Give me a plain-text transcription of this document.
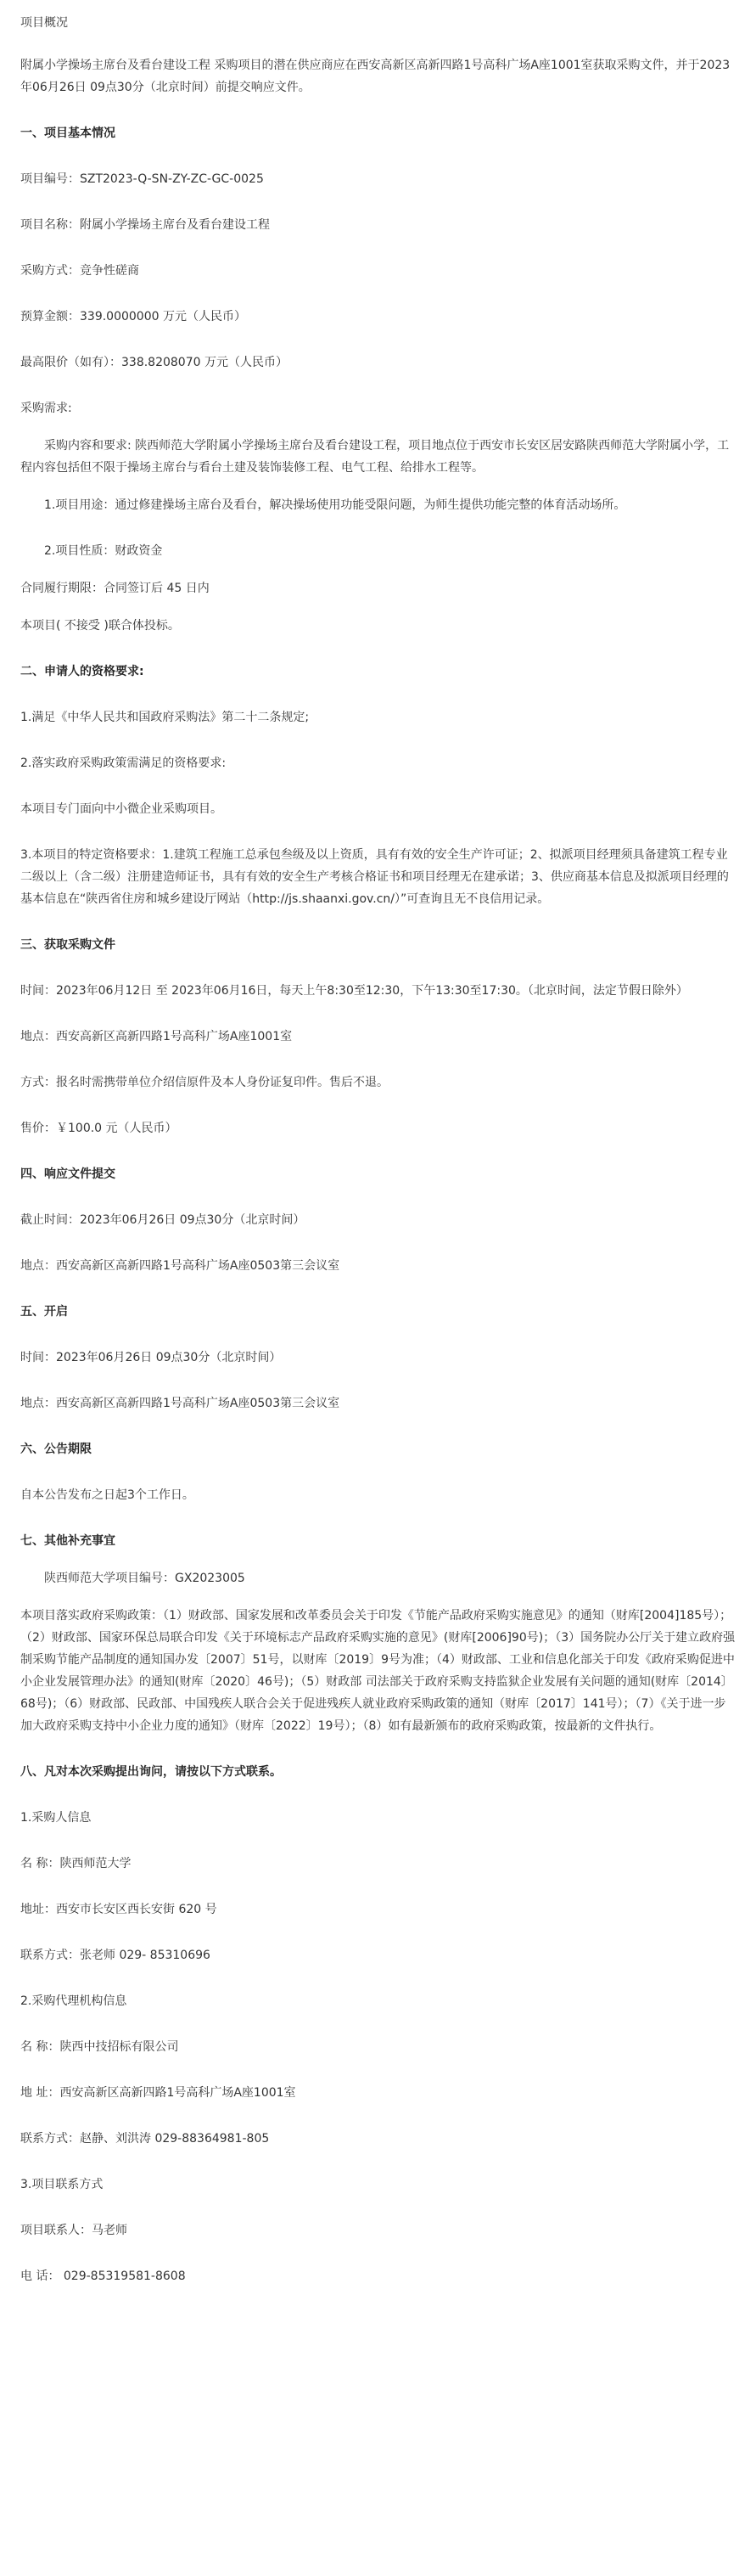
项目概况
附属小学操场主席台及看台建设工程 采购项目的潜在供应商应在西安高新区高新四路1号高科广场A座1001室获取采购文件，并于2023年06月26日 09点30分（北京时间）前提交响应文件。
一、项目基本情况
项目编号：SZT2023-Q-SN-ZY-ZC-GC-0025
项目名称：附属小学操场主席台及看台建设工程
采购方式：竞争性磋商
预算金额：339.0000000 万元（人民币）
最高限价（如有）：338.8208070 万元（人民币）
采购需求:
采购内容和要求: 陕西师范大学附属小学操场主席台及看台建设工程，项目地点位于西安市长安区居安路陕西师范大学附属小学，工程内容包括但不限于操场主席台与看台土建及装饰装修工程、电气工程、给排水工程等。
1.项目用途：通过修建操场主席台及看台，解决操场使用功能受限问题，为师生提供功能完整的体育活动场所。
2.项目性质：财政资金
合同履行期限：合同签订后 45 日内
本项目( 不接受 )联合体投标。
二、申请人的资格要求:
1.满足《中华人民共和国政府采购法》第二十二条规定;
2.落实政府采购政策需满足的资格要求:
本项目专门面向中小微企业采购项目。
3.本项目的特定资格要求：1.建筑工程施工总承包叁级及以上资质，具有有效的安全生产许可证；2、拟派项目经理须具备建筑工程专业二级以上（含二级）注册建造师证书，具有有效的安全生产考核合格证书和项目经理无在建承诺；3、供应商基本信息及拟派项目经理的基本信息在“陕西省住房和城乡建设厅网站（http://js.shaanxi.gov.cn/）”可查询且无不良信用记录。
三、获取采购文件
时间：2023年06月12日 至 2023年06月16日，每天上午8:30至12:30，下午13:30至17:30。（北京时间，法定节假日除外）
地点：西安高新区高新四路1号高科广场A座1001室
方式：报名时需携带单位介绍信原件及本人身份证复印件。售后不退。
售价：￥100.0 元（人民币）
四、响应文件提交
截止时间：2023年06月26日 09点30分（北京时间）
地点：西安高新区高新四路1号高科广场A座0503第三会议室
五、开启
时间：2023年06月26日 09点30分（北京时间）
地点：西安高新区高新四路1号高科广场A座0503第三会议室
六、公告期限
自本公告发布之日起3个工作日。
七、其他补充事宜
陕西师范大学项目编号：GX2023005
本项目落实政府采购政策：（1）财政部、国家发展和改革委员会关于印发《节能产品政府采购实施意见》的通知（财库[2004]185号）；（2）财政部、国家环保总局联合印发《关于环境标志产品政府采购实施的意见》(财库[2006]90号)；（3）国务院办公厅关于建立政府强制采购节能产品制度的通知国办发〔2007〕51号，以财库〔2019〕9号为准；（4）财政部、工业和信息化部关于印发《政府采购促进中小企业发展管理办法》的通知(财库〔2020〕46号)；（5）财政部 司法部关于政府采购支持监狱企业发展有关问题的通知(财库〔2014〕68号)；（6）财政部、民政部、中国残疾人联合会关于促进残疾人就业政府采购政策的通知（财库〔2017〕141号）；（7）《关于进一步加大政府采购支持中小企业力度的通知》（财库〔2022〕19号）；（8）如有最新颁布的政府采购政策，按最新的文件执行。
八、凡对本次采购提出询问，请按以下方式联系。
1.采购人信息
名 称：陕西师范大学
地址：西安市长安区西长安街 620 号
联系方式：张老师 029- 85310696
2.采购代理机构信息
名 称：陕西中技招标有限公司
地 址：西安高新区高新四路1号高科广场A座1001室
联系方式：赵静、刘洪涛 029-88364981-805
3.项目联系方式
项目联系人：马老师
电 话： 029-85319581-8608
